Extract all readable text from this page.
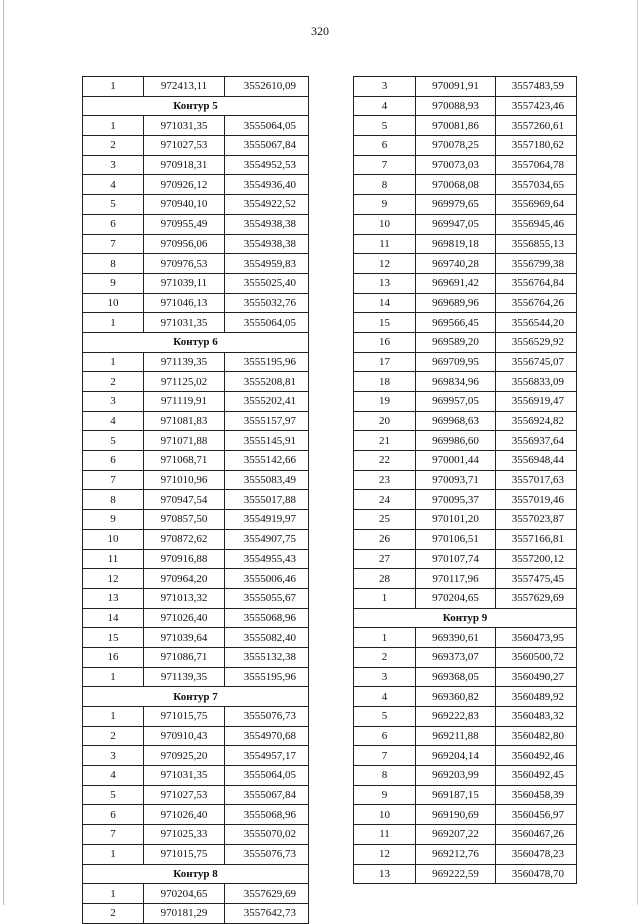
320
1	972413,11	3552610,09
Контур 5		
1	971031,35	3555064,05
2	971027,53	3555067,84
3	970918,31	3554952,53
4	970926,12	3554936,40
5	970940,10	3554922,52
6	970955,49	3554938,38
7	970956,06	3554938,38
8	970976,53	3554959,83
9	971039,11	3555025,40
10	971046,13	3555032,76
1	971031,35	3555064,05
Контур 6		
1	971139,35	3555195,96
2	971125,02	3555208,81
3	971119,91	3555202,41
4	971081,83	3555157,97
5	971071,88	3555145,91
6	971068,71	3555142,66
7	971010,96	3555083,49
8	970947,54	3555017,88
9	970857,50	3554919,97
10	970872,62	3554907,75
11	970916,88	3554955,43
12	970964,20	3555006,46
13	971013,32	3555055,67
14	971026,40	3555068,96
15	971039,64	3555082,40
16	971086,71	3555132,38
1	971139,35	3555195,96
Контур 7		
1	971015,75	3555076,73
2	970910,43	3554970,68
3	970925,20	3554957,17
4	971031,35	3555064,05
5	971027,53	3555067,84
6	971026,40	3555068,96
7	971025,33	3555070,02
1	971015,75	3555076,73
Контур 8		
1	970204,65	3557629,69
2	970181,29	3557642,73
3	970091,91	3557483,59
4	970088,93	3557423,46
5	970081,86	3557260,61
6	970078,25	3557180,62
7	970073,03	3557064,78
8	970068,08	3557034,65
9	969979,65	3556969,64
10	969947,05	3556945,46
11	969819,18	3556855,13
12	969740,28	3556799,38
13	969691,42	3556764,84
14	969689,96	3556764,26
15	969566,45	3556544,20
16	969589,20	3556529,92
17	969709,95	3556745,07
18	969834,96	3556833,09
19	969957,05	3556919,47
20	969968,63	3556924,82
21	969986,60	3556937,64
22	970001,44	3556948,44
23	970093,71	3557017,63
24	970095,37	3557019,46
25	970101,20	3557023,87
26	970106,51	3557166,81
27	970107,74	3557200,12
28	970117,96	3557475,45
1	970204,65	3557629,69
Контур 9		
1	969390,61	3560473,95
2	969373,07	3560500,72
3	969368,05	3560490,27
4	969360,82	3560489,92
5	969222,83	3560483,32
6	969211,88	3560482,80
7	969204,14	3560492,46
8	969203,99	3560492,45
9	969187,15	3560458,39
10	969190,69	3560456,97
11	969207,22	3560467,26
12	969212,76	3560478,23
13	969222,59	3560478,70
